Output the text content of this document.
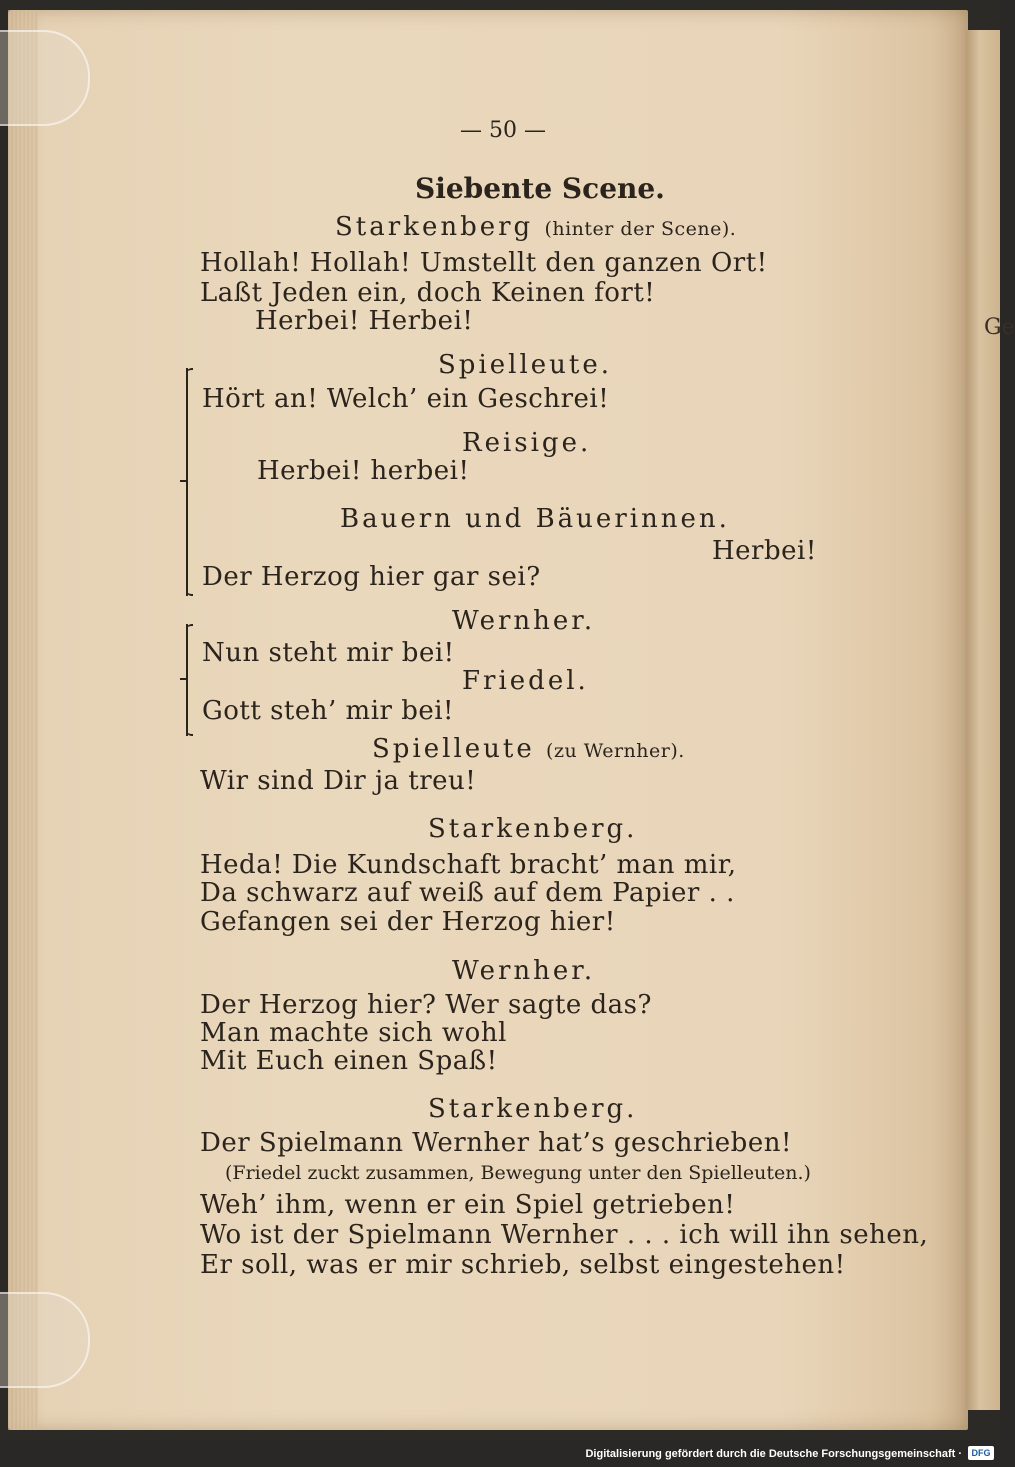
Ge
— 50 —
Siebente Scene.
Starkenberg (hinter der Scene).
Hollah! Hollah! Umstellt den ganzen Ort!
Laßt Jeden ein, doch Keinen fort!
Herbei! Herbei!
Spielleute.
Hört an! Welch’ ein Geschrei!
Reisige.
Herbei! herbei!
Bauern und Bäuerinnen.
Herbei!
Der Herzog hier gar sei?
Wernher.
Nun steht mir bei!
Friedel.
Gott steh’ mir bei!
Spielleute (zu Wernher).
Wir sind Dir ja treu!
Starkenberg.
Heda! Die Kundschaft bracht’ man mir,
Da schwarz auf weiß auf dem Papier . .
Gefangen sei der Herzog hier!
Wernher.
Der Herzog hier? Wer sagte das?
Man machte sich wohl
Mit Euch einen Spaß!
Starkenberg.
Der Spielmann Wernher hat’s geschrieben!
(Friedel zuckt zusammen, Bewegung unter den Spielleuten.)
Weh’ ihm, wenn er ein Spiel getrieben!
Wo ist der Spielmann Wernher . . . ich will ihn sehen,
Er soll, was er mir schrieb, selbst eingestehen!
Digitalisierung gefördert durch die Deutsche Forschungsgemeinschaft ·	DFG
